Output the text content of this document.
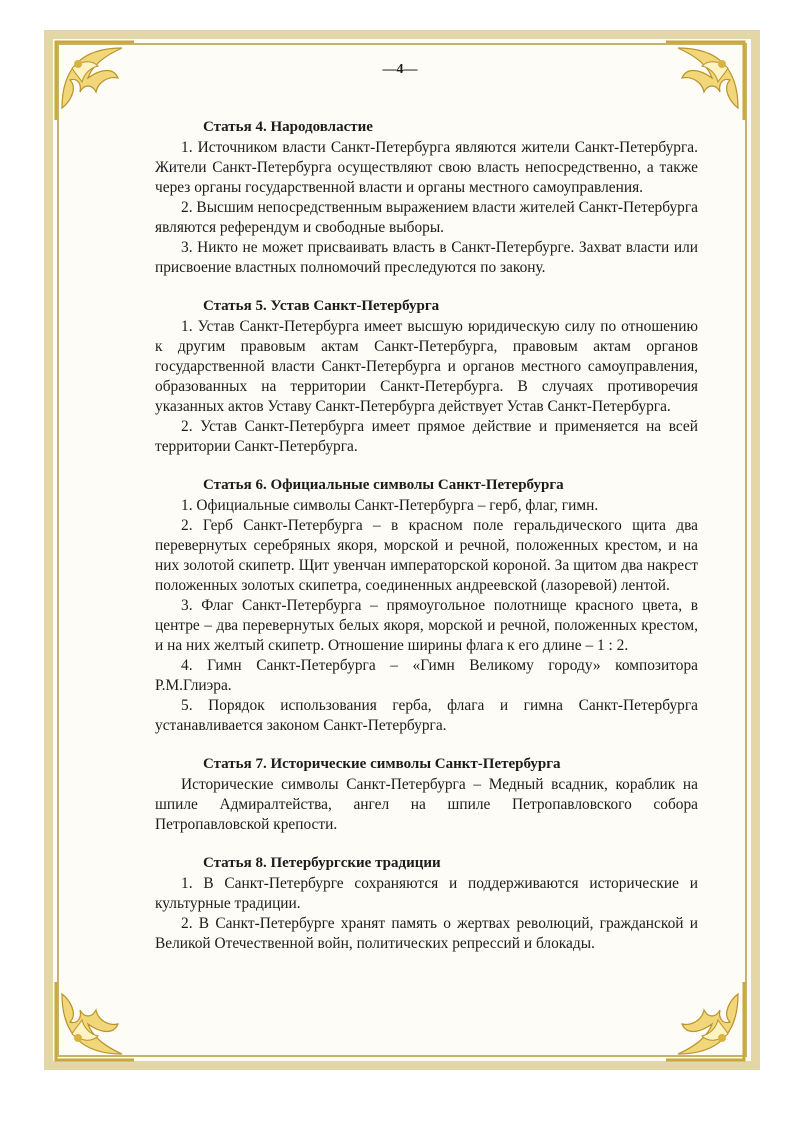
—4—
Статья 4. Народовластие

1. Источником власти Санкт-Петербурга являются жители Санкт-Петербурга. Жители Санкт-Петербурга осуществляют свою власть непосредственно, а также через органы государственной власти и органы местного самоуправления.

2. Высшим непосредственным выражением власти жителей Санкт-Петербурга являются референдум и свободные выборы.

3. Никто не может присваивать власть в Санкт-Петербурге. Захват власти или присвоение властных полномочий преследуются по закону.

Статья 5. Устав Санкт-Петербурга

1. Устав Санкт-Петербурга имеет высшую юридическую силу по отношению к другим правовым актам Санкт-Петербурга, правовым актам органов государственной власти Санкт-Петербурга и органов местного самоуправления, образованных на территории Санкт-Петербурга. В случаях противоречия указанных актов Уставу Санкт-Петербурга действует Устав Санкт-Петербурга.

2. Устав Санкт-Петербурга имеет прямое действие и применяется на всей территории Санкт-Петербурга.

Статья 6. Официальные символы Санкт-Петербурга

1. Официальные символы Санкт-Петербурга – герб, флаг, гимн.

2. Герб Санкт-Петербурга – в красном поле геральдического щита два перевернутых серебряных якоря, морской и речной, положенных крестом, и на них золотой скипетр. Щит увенчан императорской короной. За щитом два накрест положенных золотых скипетра, соединенных андреевской (лазоревой) лентой.

3. Флаг Санкт-Петербурга – прямоугольное полотнище красного цвета, в центре – два перевернутых белых якоря, морской и речной, положенных крестом, и на них желтый скипетр. Отношение ширины флага к его длине – 1 : 2.

4. Гимн Санкт-Петербурга – «Гимн Великому городу» композитора Р.М.Глиэра.

5. Порядок использования герба, флага и гимна Санкт-Петербурга устанавливается законом Санкт-Петербурга.

Статья 7. Исторические символы Санкт-Петербурга

Исторические символы Санкт-Петербурга – Медный всадник, кораблик на шпиле Адмиралтейства, ангел на шпиле Петропавловского собора Петропавловской крепости.

Статья 8. Петербургские традиции

1. В Санкт-Петербурге сохраняются и поддерживаются исторические и культурные традиции.

2. В Санкт-Петербурге хранят память о жертвах революций, гражданской и Великой Отечественной войн, политических репрессий и блокады.
